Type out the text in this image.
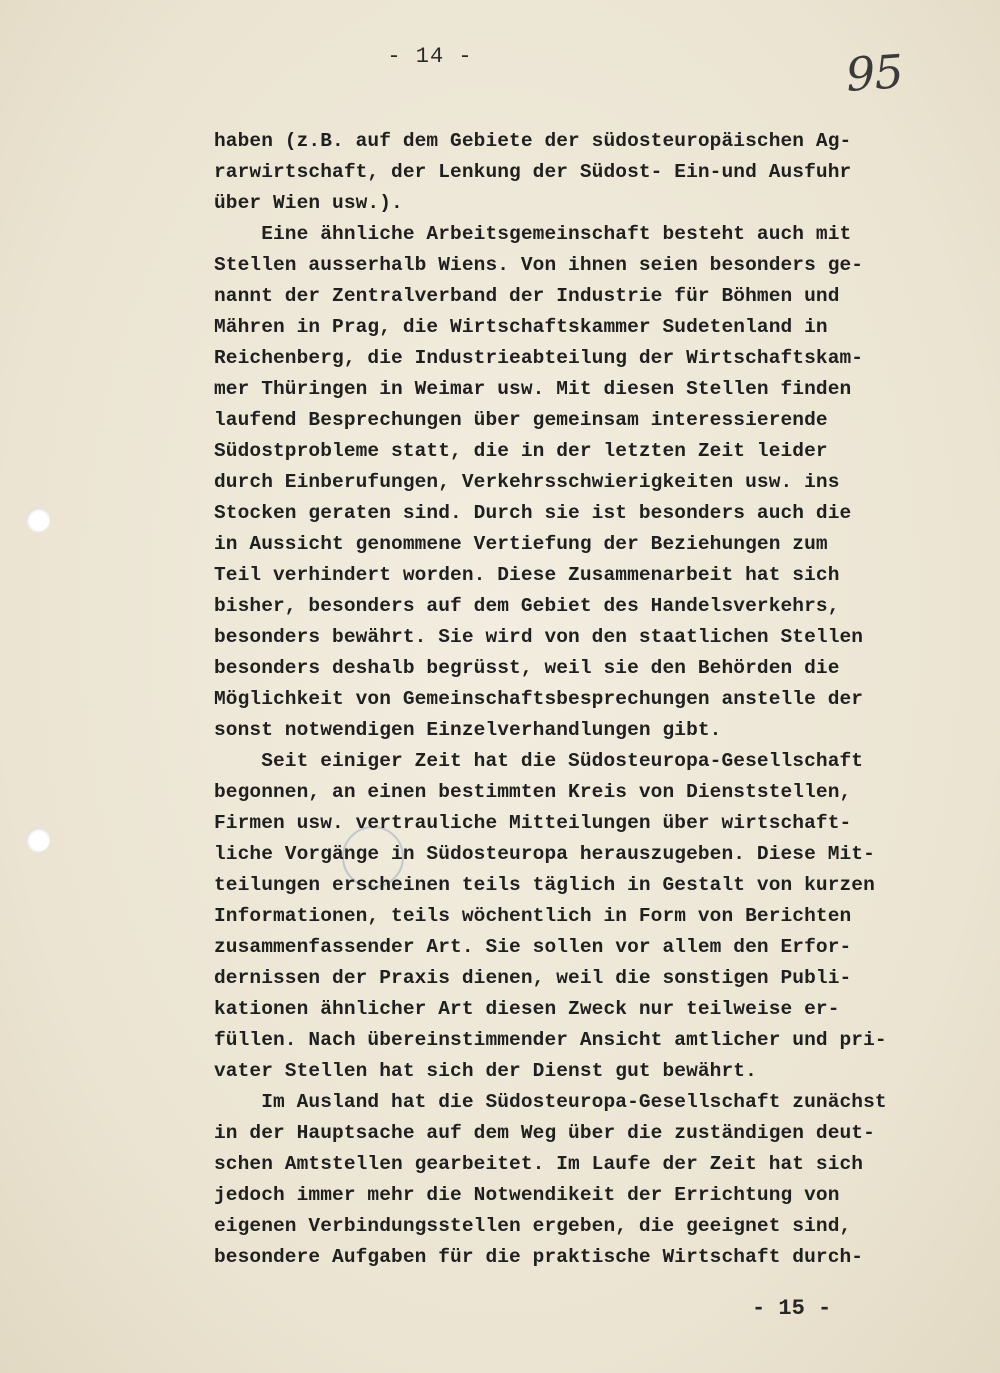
- 14 -	95
haben (z.B. auf dem Gebiete der südosteuropäischen Ag-
rarwirtschaft, der Lenkung der Südost- Ein-und Ausfuhr
über Wien usw.).
Eine ähnliche Arbeitsgemeinschaft besteht auch mit
Stellen ausserhalb Wiens. Von ihnen seien besonders ge-
nannt der Zentralverband der Industrie für Böhmen und
Mähren in Prag, die Wirtschaftskammer Sudetenland in
Reichenberg, die Industrieabteilung der Wirtschaftskam-
mer Thüringen in Weimar usw. Mit diesen Stellen finden
laufend Besprechungen über gemeinsam interessierende
Südostprobleme statt, die in der letzten Zeit leider
durch Einberufungen, Verkehrsschwierigkeiten usw. ins
Stocken geraten sind. Durch sie ist besonders auch die
in Aussicht genommene Vertiefung der Beziehungen zum
Teil verhindert worden. Diese Zusammenarbeit hat sich
bisher, besonders auf dem Gebiet des Handelsverkehrs,
besonders bewährt. Sie wird von den staatlichen Stellen
besonders deshalb begrüsst, weil sie den Behörden die
Möglichkeit von Gemeinschaftsbesprechungen anstelle der
sonst notwendigen Einzelverhandlungen gibt.
Seit einiger Zeit hat die Südosteuropa-Gesellschaft
begonnen, an einen bestimmten Kreis von Dienststellen,
Firmen usw. vertrauliche Mitteilungen über wirtschaft-
liche Vorgänge in Südosteuropa herauszugeben. Diese Mit-
teilungen erscheinen teils täglich in Gestalt von kurzen
Informationen, teils wöchentlich in Form von Berichten
zusammenfassender Art. Sie sollen vor allem den Erfor-
dernissen der Praxis dienen, weil die sonstigen Publi-
kationen ähnlicher Art diesen Zweck nur teilweise er-
füllen. Nach übereinstimmender Ansicht amtlicher und pri-
vater Stellen hat sich der Dienst gut bewährt.
Im Ausland hat die Südosteuropa-Gesellschaft zunächst
in der Hauptsache auf dem Weg über die zuständigen deut-
schen Amtstellen gearbeitet. Im Laufe der Zeit hat sich
jedoch immer mehr die Notwendikeit der Errichtung von
eigenen Verbindungsstellen ergeben, die geeignet sind,
besondere Aufgaben für die praktische Wirtschaft durch-
- 15 -
